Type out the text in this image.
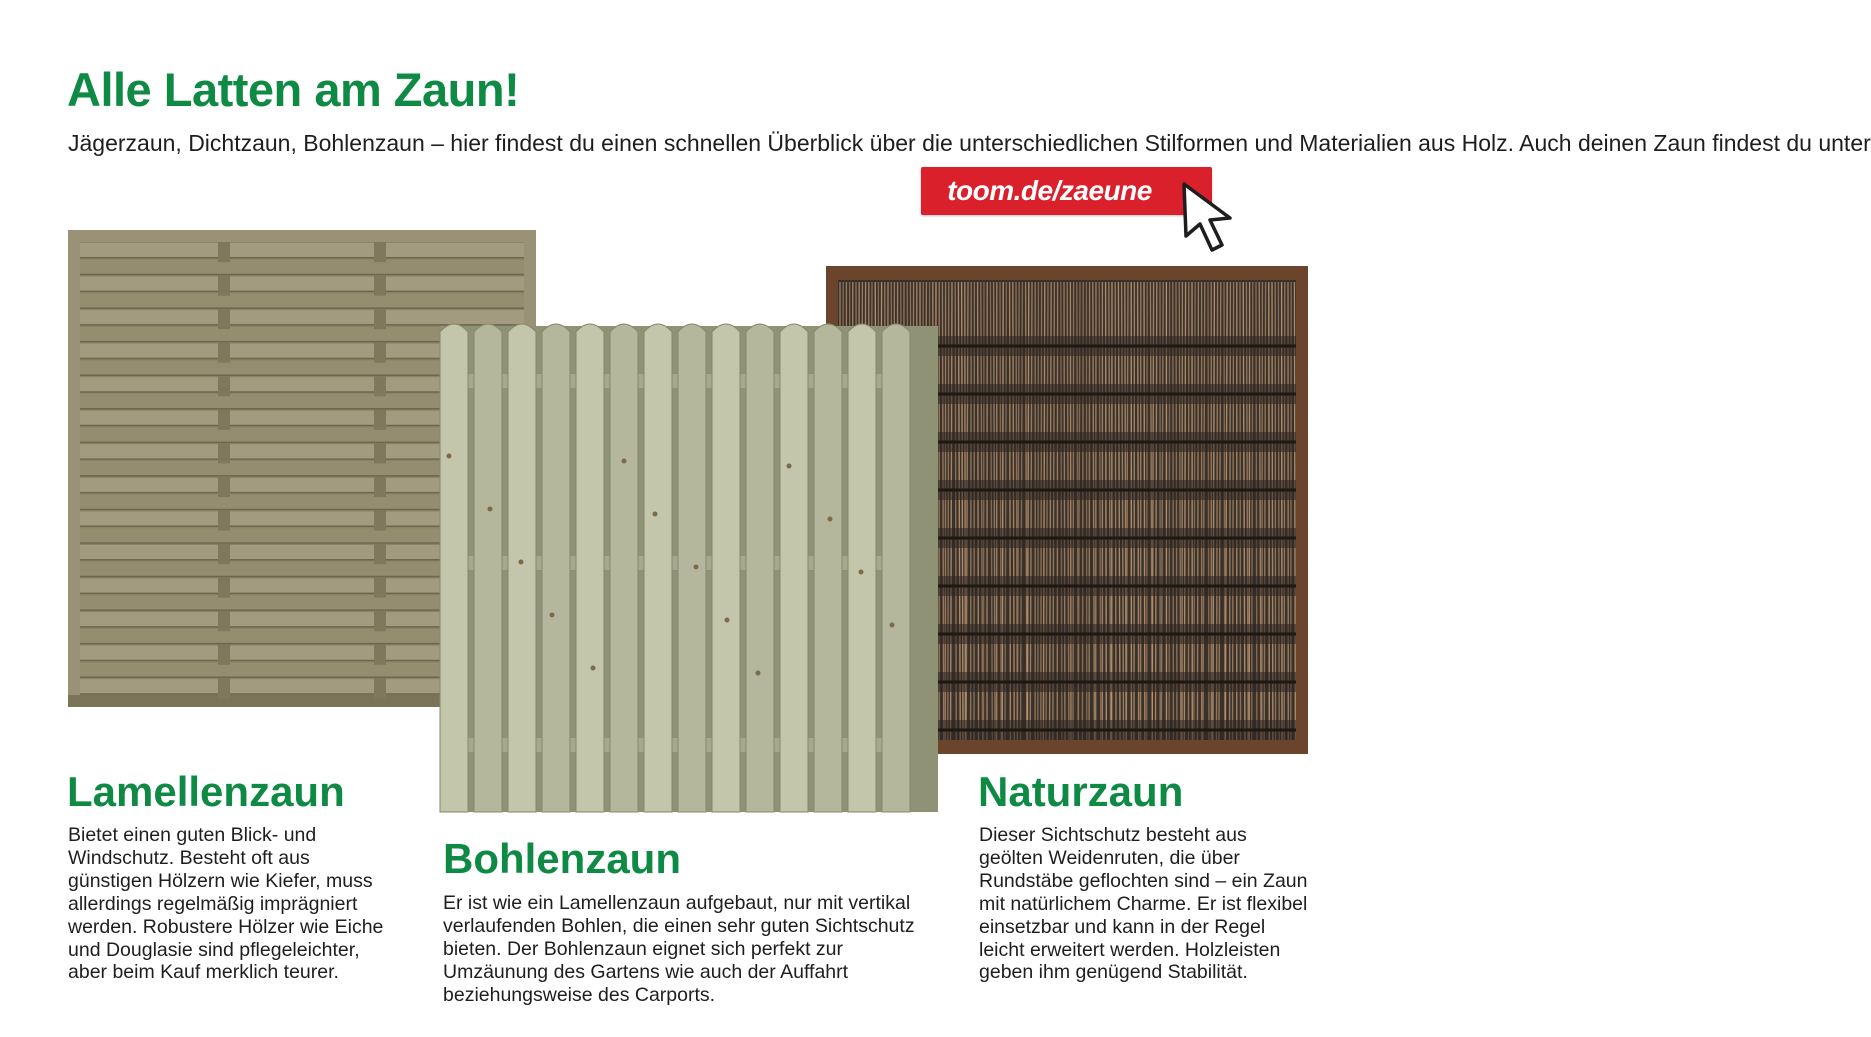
Alle Latten am Zaun!

Jägerzaun, Dichtzaun, Bohlenzaun – hier findest du einen schnellen Überblick über die unterschiedlichen Stilformen und Materialien aus Holz. Auch deinen Zaun findest du unter

toom.de/zaeune
Lamellenzaun

Bietet einen guten Blick- und Windschutz. Besteht oft aus günstigen Hölzern wie Kiefer, muss allerdings regelmäßig imprägniert werden. Robustere Hölzer wie Eiche und Douglasie sind pflegeleichter, aber beim Kauf merklich teurer.

Bohlenzaun

Er ist wie ein Lamellenzaun aufgebaut, nur mit vertikal verlaufenden Bohlen, die einen sehr guten Sichtschutz bieten. Der Bohlenzaun eignet sich perfekt zur Umzäunung des Gartens wie auch der Auffahrt beziehungsweise des Carports.

Naturzaun

Dieser Sichtschutz besteht aus geölten Weidenruten, die über Rundstäbe geflochten sind – ein Zaun mit natürlichem Charme. Er ist flexibel einsetzbar und kann in der Regel leicht erweitert werden. Holzleisten geben ihm genügend Stabilität.
